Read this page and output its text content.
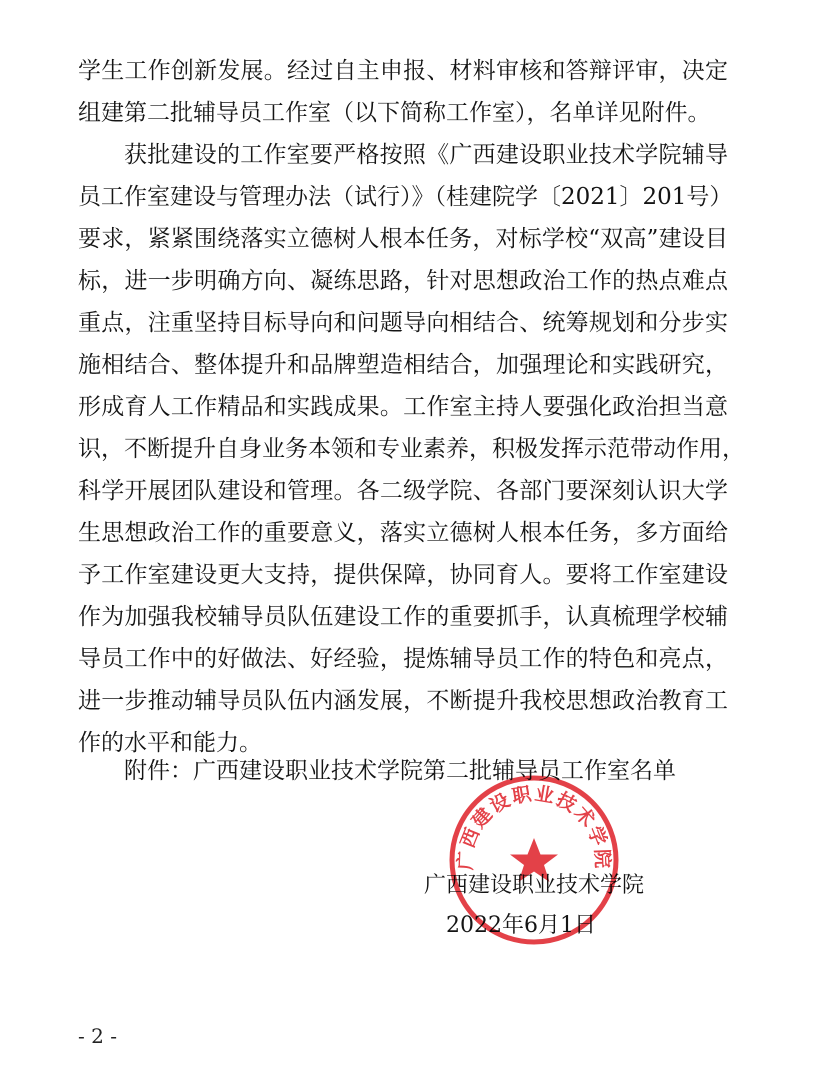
学生工作创新发展。经过自主申报、材料审核和答辩评审，决定
组建第二批辅导员工作室（以下简称工作室），名单详见附件。
获批建设的工作室要严格按照《广西建设职业技术学院辅导
员工作室建设与管理办法（试行）》（桂建院学〔2021〕201号）
要求，紧紧围绕落实立德树人根本任务，对标学校“双高”建设目
标，进一步明确方向、凝练思路，针对思想政治工作的热点难点
重点，注重坚持目标导向和问题导向相结合、统筹规划和分步实
施相结合、整体提升和品牌塑造相结合，加强理论和实践研究，
形成育人工作精品和实践成果。工作室主持人要强化政治担当意
识，不断提升自身业务本领和专业素养，积极发挥示范带动作用，
科学开展团队建设和管理。各二级学院、各部门要深刻认识大学
生思想政治工作的重要意义，落实立德树人根本任务，多方面给
予工作室建设更大支持，提供保障，协同育人。要将工作室建设
作为加强我校辅导员队伍建设工作的重要抓手，认真梳理学校辅
导员工作中的好做法、好经验，提炼辅导员工作的特色和亮点，
进一步推动辅导员队伍内涵发展，不断提升我校思想政治教育工
作的水平和能力。
附件：广西建设职业技术学院第二批辅导员工作室名单
广西建设职业技术学院
2022年6月1日
广西建设职业技术学院
- 2 -
